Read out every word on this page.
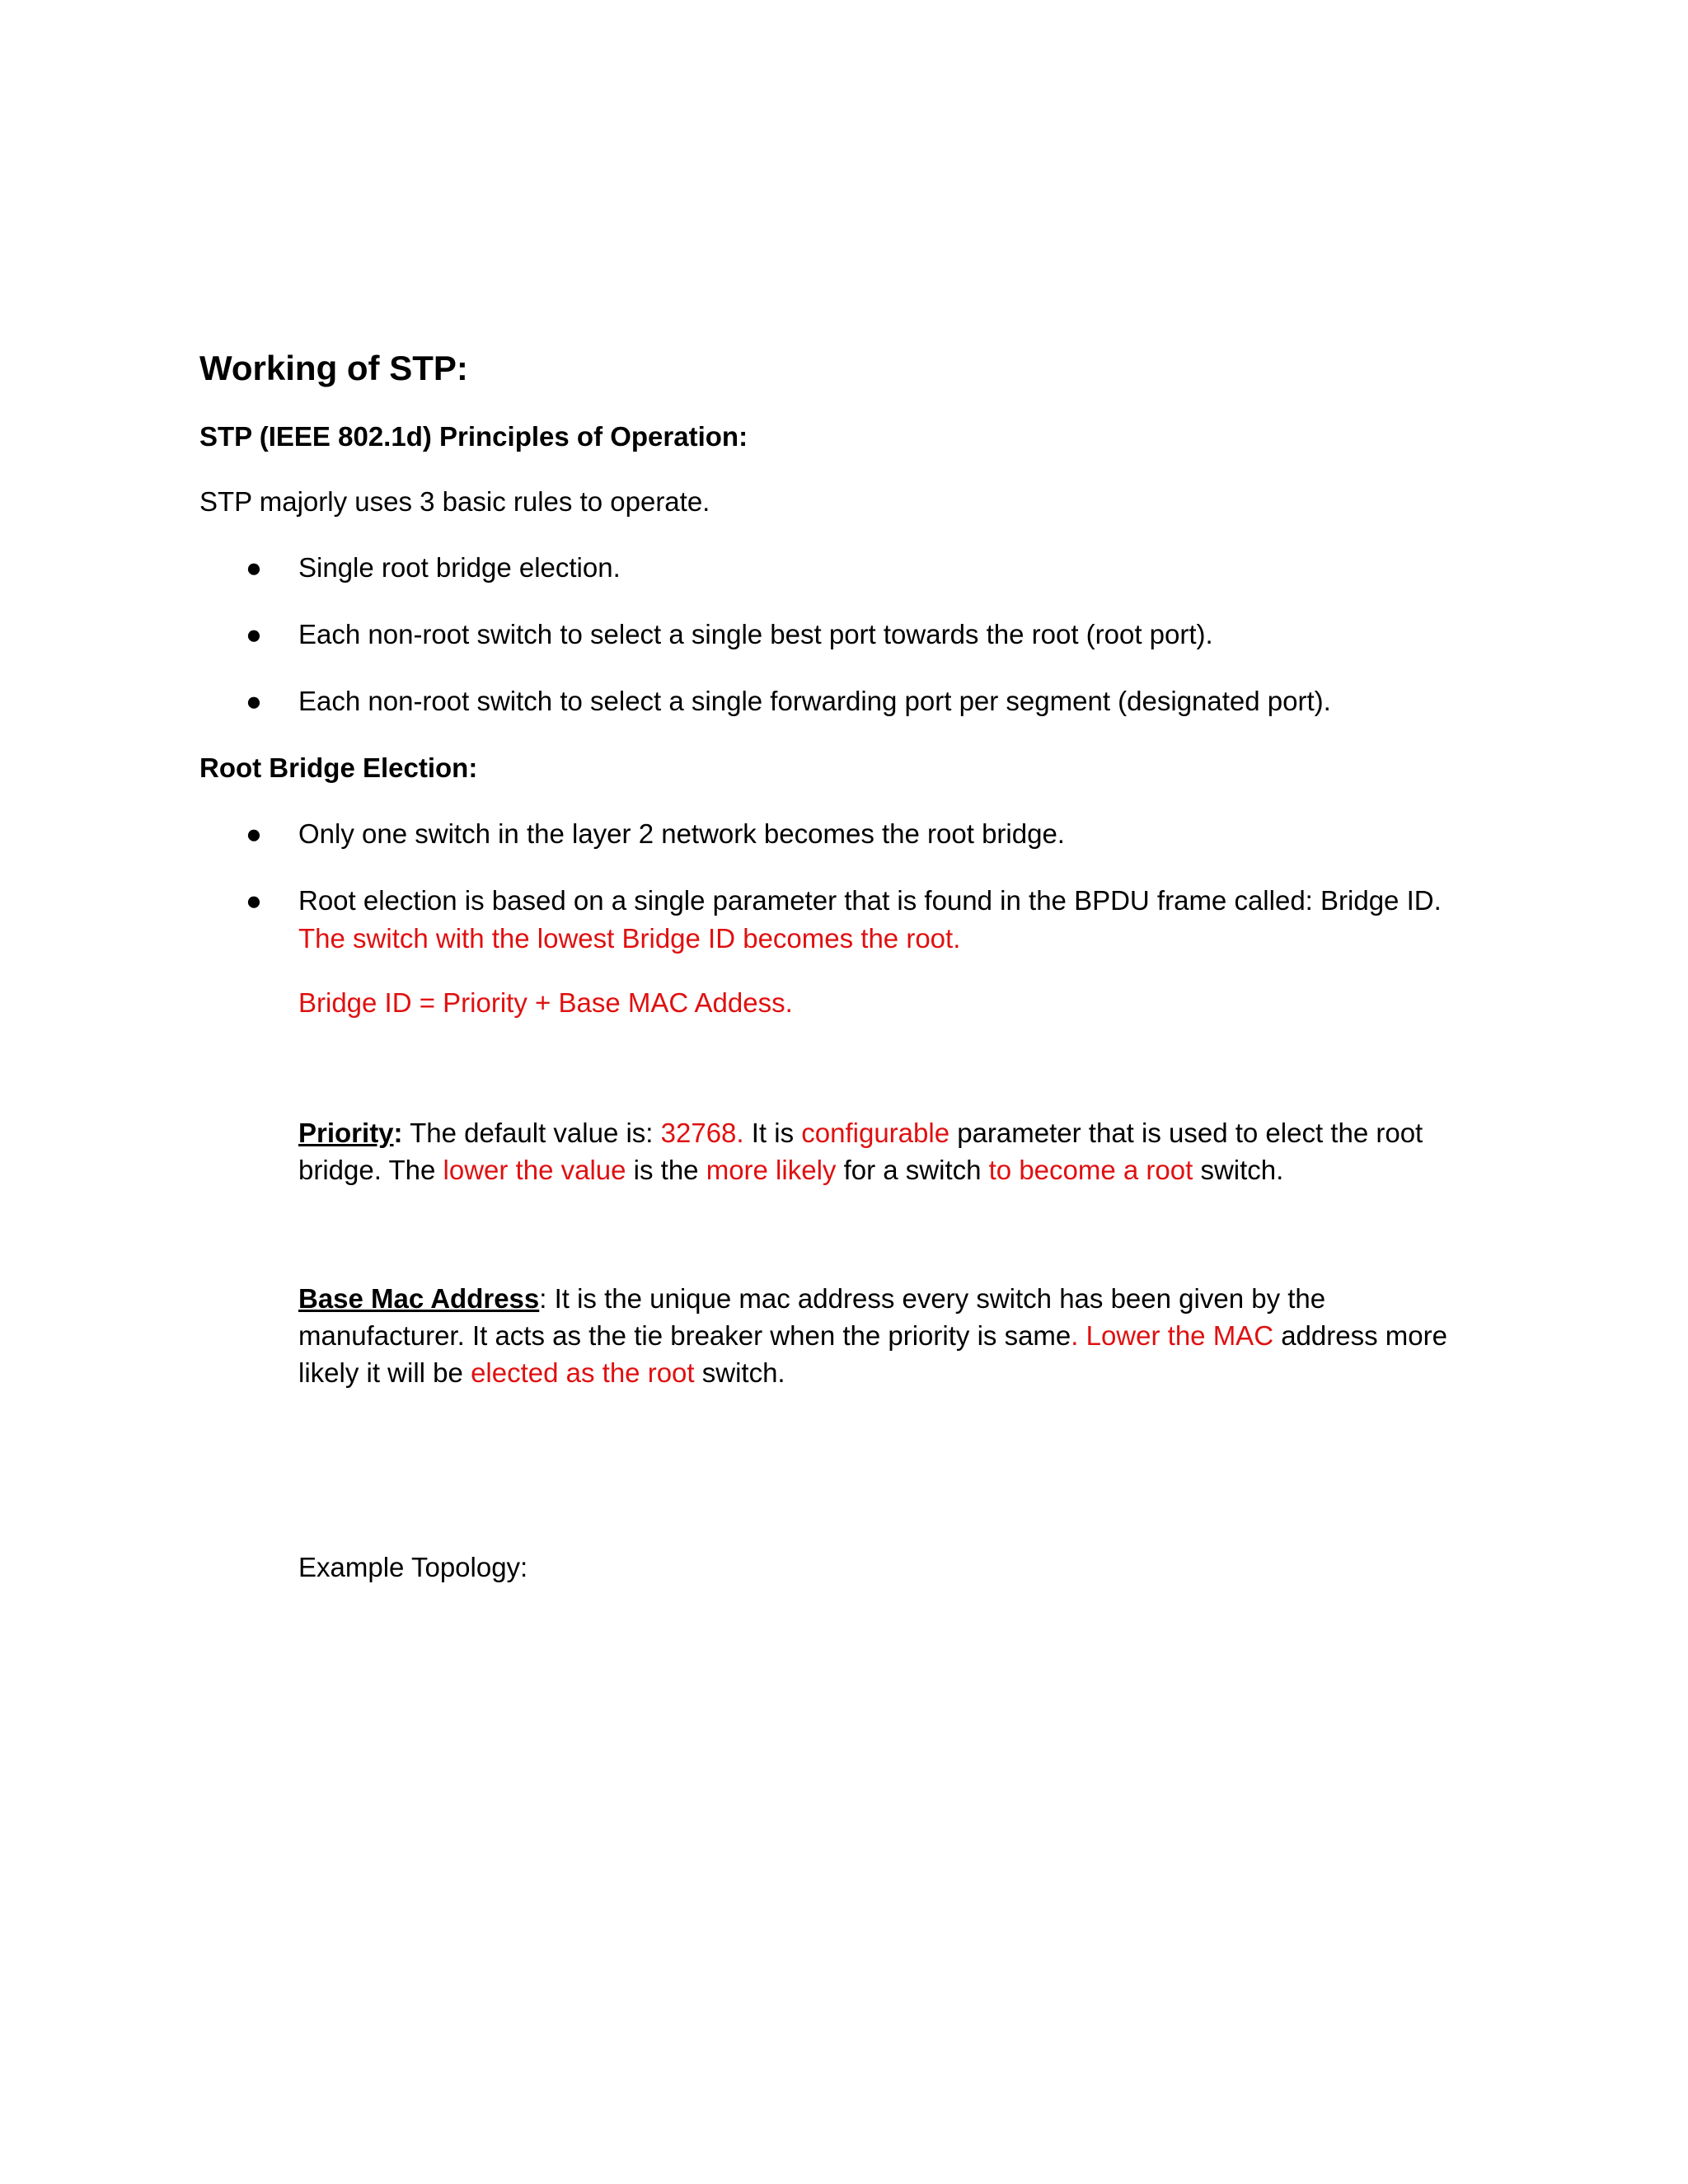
Working of STP:
STP (IEEE 802.1d) Principles of Operation:
STP majorly uses 3 basic rules to operate.
● Single root bridge election.
● Each non-root switch to select a single best port towards the root (root port).
● Each non-root switch to select a single forwarding port per segment (designated port).
Root Bridge Election:
● Only one switch in the layer 2 network becomes the root bridge.
● Root election is based on a single parameter that is found in the BPDU frame called: Bridge ID.
The switch with the lowest Bridge ID becomes the root.
Bridge ID = Priority + Base MAC Addess.
Priority: The default value is: 32768. It is configurable parameter that is used to elect the root
bridge. The lower the value is the more likely for a switch to become a root switch.
Base Mac Address: It is the unique mac address every switch has been given by the
manufacturer. It acts as the tie breaker when the priority is same. Lower the MAC address more
likely it will be elected as the root switch.
Example Topology:
